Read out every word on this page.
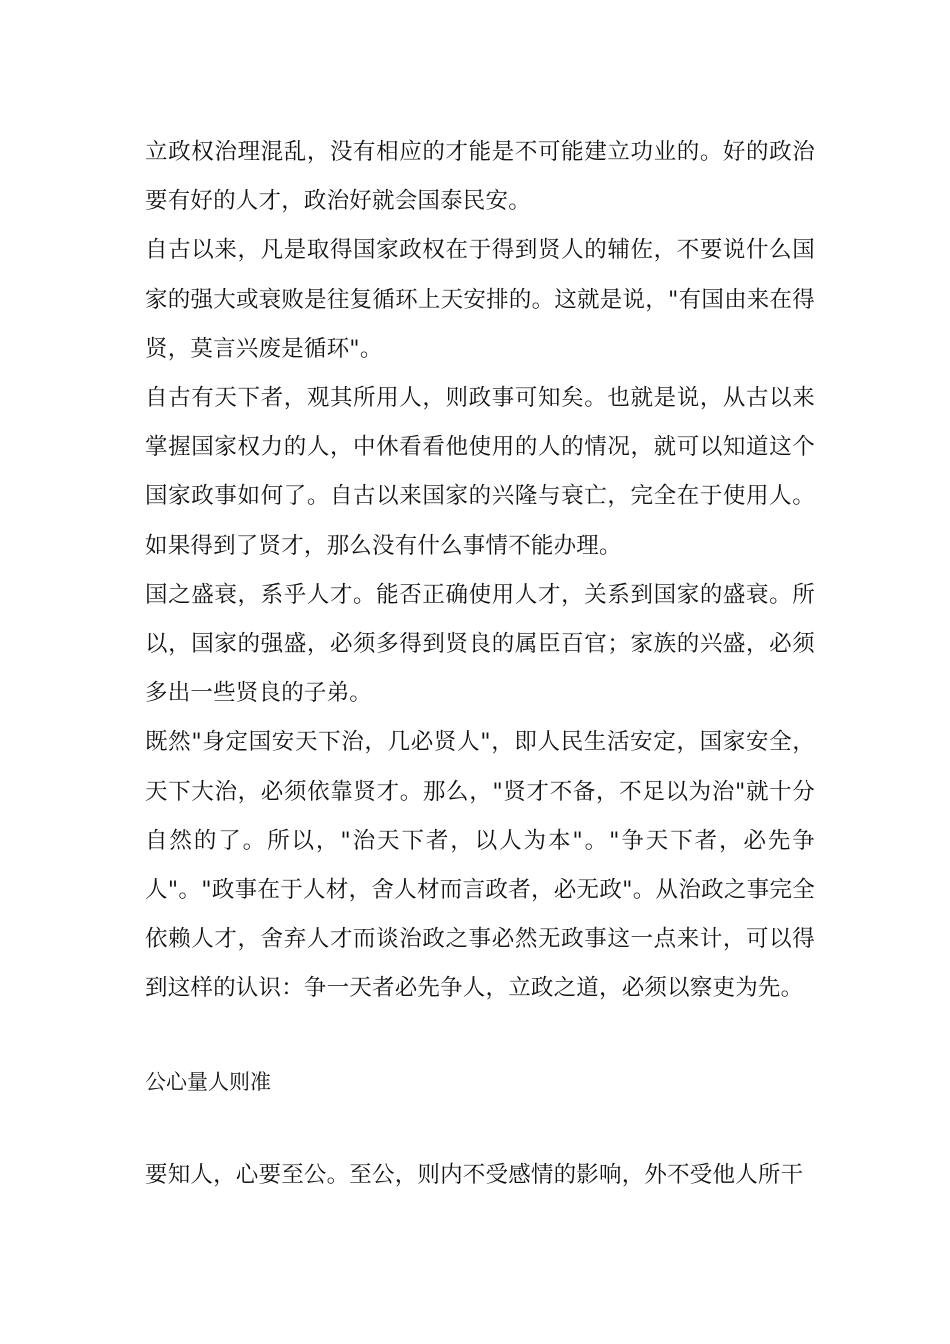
立政权治理混乱，没有相应的才能是不可能建立功业的。好的政治要有好的人才，政治好就会国泰民安。

自古以来，凡是取得国家政权在于得到贤人的辅佐，不要说什么国家的强大或衰败是往复循环上天安排的。这就是说，"有国由来在得贤，莫言兴废是循环"。

自古有天下者，观其所用人，则政事可知矣。也就是说，从古以来掌握国家权力的人，中休看看他使用的人的情况，就可以知道这个国家政事如何了。自古以来国家的兴隆与衰亡，完全在于使用人。如果得到了贤才，那么没有什么事情不能办理。

国之盛衰，系乎人才。能否正确使用人才，关系到国家的盛衰。所以，国家的强盛，必须多得到贤良的属臣百官；家族的兴盛，必须多出一些贤良的子弟。

既然"身定国安天下治，几必贤人"，即人民生活安定，国家安全，天下大治，必须依靠贤才。那么，"贤才不备，不足以为治"就十分自然的了。所以，"治天下者，以人为本"。"争天下者，必先争人"。"政事在于人材，舍人材而言政者，必无政"。从治政之事完全依赖人才，舍弃人才而谈治政之事必然无政事这一点来计，可以得到这样的认识：争一天者必先争人，立政之道，必须以察吏为先。

公心量人则准

要知人，心要至公。至公，则内不受感情的影响，外不受他人所干
